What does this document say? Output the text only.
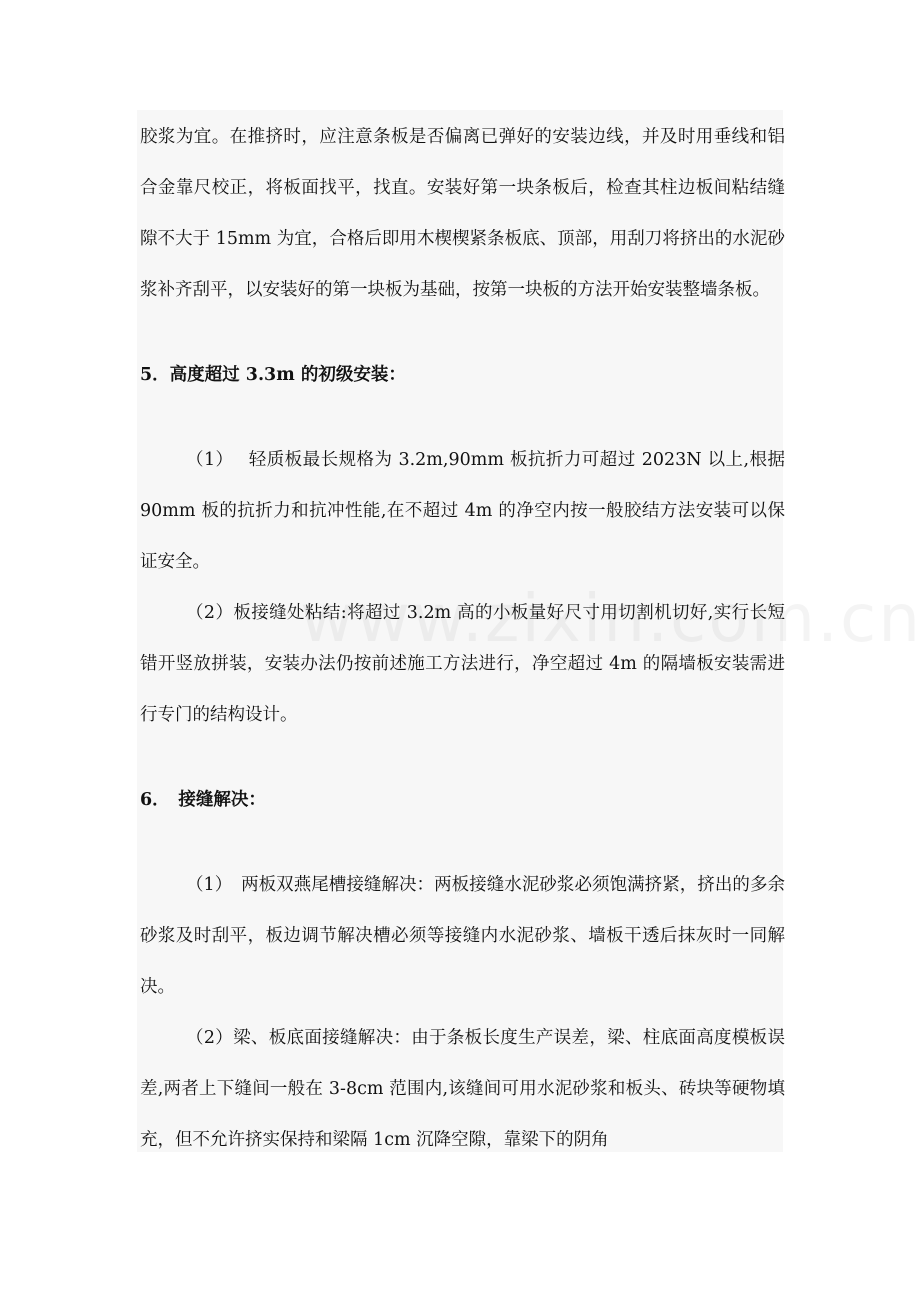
胶浆为宜。在推挤时，应注意条板是否偏离已弹好的安装边线，并及时用垂线和铝合金靠尺校正，将板面找平，找直。安装好第一块条板后，检查其柱边板间粘结缝隙不大于 15mm 为宜，合格后即用木楔楔紧条板底、顶部，用刮刀将挤出的水泥砂浆补齐刮平，以安装好的第一块板为基础，按第一块板的方法开始安装整墙条板。

5．高度超过 3.3m 的初级安装：

（1）　 轻质板最长规格为 3.2m,90mm 板抗折力可超过 2023N 以上,根据 90mm 板的抗折力和抗冲性能,在不超过 4m 的净空内按一般胶结方法安装可以保证安全。

（2）板接缝处粘结:将超过 3.2m 高的小板量好尺寸用切割机切好,实行长短错开竖放拼装，安装办法仍按前述施工方法进行，净空超过 4m 的隔墙板安装需进行专门的结构设计。

6．　接缝解决：

（1）　两板双燕尾槽接缝解决：两板接缝水泥砂浆必须饱满挤紧，挤出的多余砂浆及时刮平，板边调节解决槽必须等接缝内水泥砂浆、墙板干透后抹灰时一同解决。

（2）梁、板底面接缝解决：由于条板长度生产误差，梁、柱底面高度模板误差,两者上下缝间一般在 3-8cm 范围内,该缝间可用水泥砂浆和板头、砖块等硬物填充，但不允许挤实保持和梁隔 1cm 沉降空隙，靠梁下的阴角
